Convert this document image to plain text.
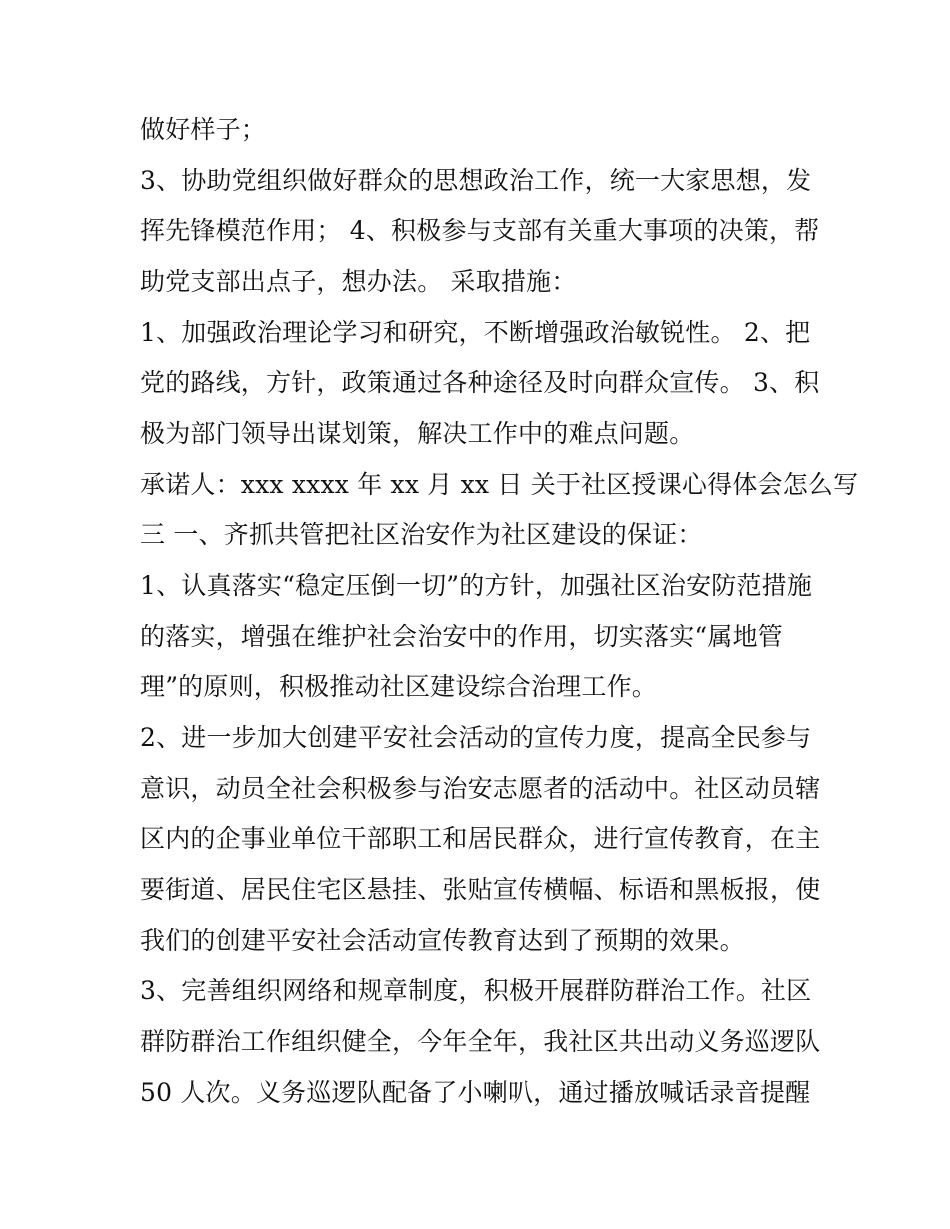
做好样子；
3、协助党组织做好群众的思想政治工作，统一大家思想，发
挥先锋模范作用； 4、积极参与支部有关重大事项的决策，帮
助党支部出点子，想办法。 采取措施：
1、加强政治理论学习和研究，不断增强政治敏锐性。 2、把
党的路线，方针，政策通过各种途径及时向群众宣传。 3、积
极为部门领导出谋划策，解决工作中的难点问题。
承诺人：xxx xxxx 年 xx 月 xx 日 关于社区授课心得体会怎么写
三 一、齐抓共管把社区治安作为社区建设的保证：
1、认真落实“稳定压倒一切”的方针，加强社区治安防范措施
的落实，增强在维护社会治安中的作用，切实落实“属地管
理”的原则，积极推动社区建设综合治理工作。
2、进一步加大创建平安社会活动的宣传力度，提高全民参与
意识，动员全社会积极参与治安志愿者的活动中。社区动员辖
区内的企事业单位干部职工和居民群众，进行宣传教育，在主
要街道、居民住宅区悬挂、张贴宣传横幅、标语和黑板报，使
我们的创建平安社会活动宣传教育达到了预期的效果。
3、完善组织网络和规章制度，积极开展群防群治工作。社区
群防群治工作组织健全，今年全年，我社区共出动义务巡逻队
50 人次。义务巡逻队配备了小喇叭，通过播放喊话录音提醒
